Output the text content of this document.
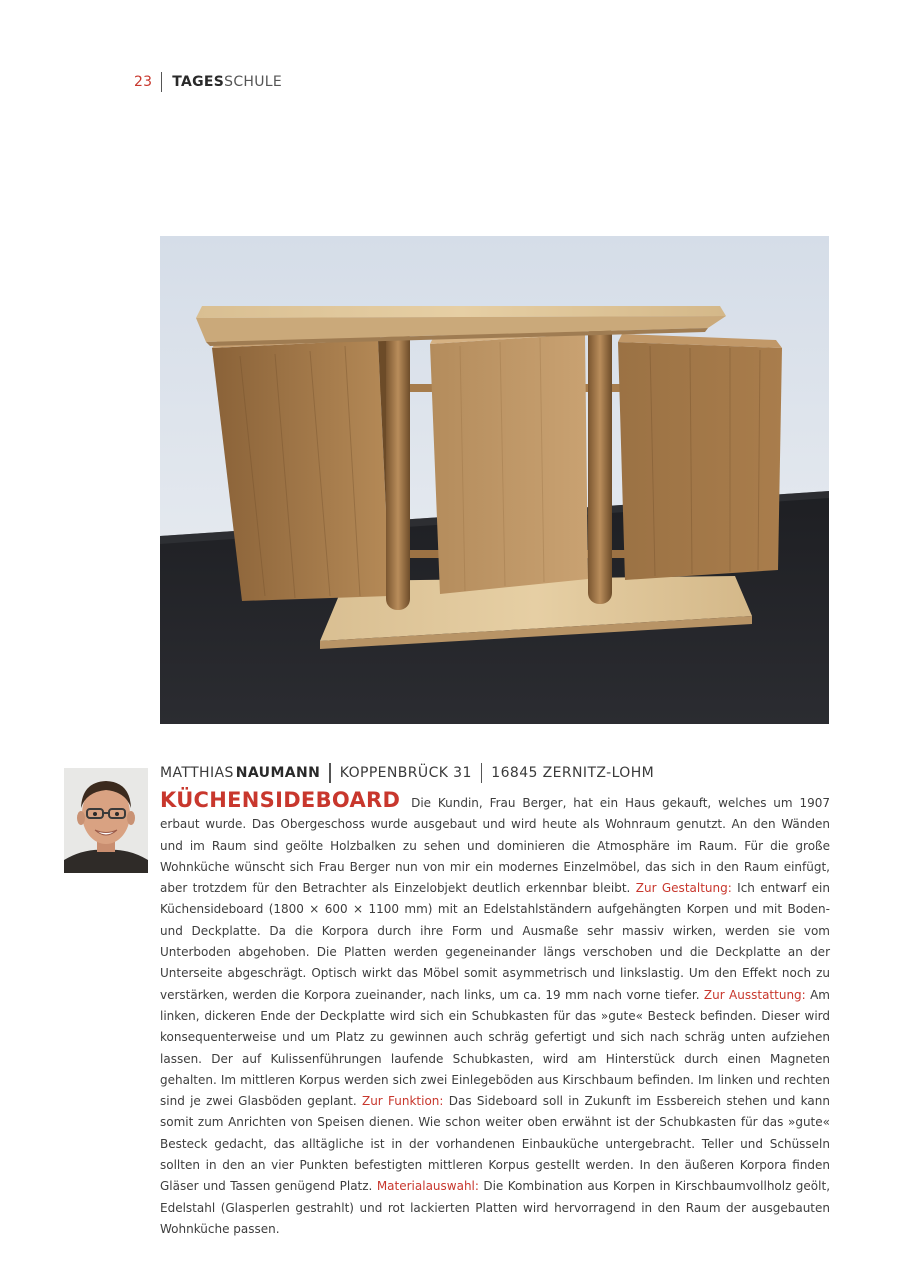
23 TAGES SCHULE
MATTHIAS NAUMANN KOPPENBRÜCK 31 16845 ZERNITZ-LOHM
KÜCHENSIDEBOARD Die Kundin, Frau Berger, hat ein Haus gekauft, welches um 1907 erbaut wurde. Das Obergeschoss wurde ausgebaut und wird heute als Wohnraum genutzt. An den Wänden und im Raum sind geölte Holzbalken zu sehen und dominieren die Atmosphäre im Raum. Für die große Wohnküche wünscht sich Frau Berger nun von mir ein modernes Einzelmöbel, das sich in den Raum einfügt, aber trotzdem für den Betrachter als Einzelobjekt deutlich erkennbar bleibt. Zur Gestaltung: Ich entwarf ein Küchensideboard (1800 × 600 × 1100 mm) mit an Edelstahlständern aufgehängten Korpen und mit Boden- und Deckplatte. Da die Korpora durch ihre Form und Ausmaße sehr massiv wirken, werden sie vom Unterboden abgehoben. Die Platten werden gegeneinander längs verschoben und die Deckplatte an der Unterseite abgeschrägt. Optisch wirkt das Möbel somit asymmetrisch und linkslastig. Um den Effekt noch zu verstärken, werden die Korpora zueinander, nach links, um ca. 19 mm nach vorne tiefer. Zur Ausstattung: Am linken, dickeren Ende der Deckplatte wird sich ein Schubkasten für das »gute« Besteck befinden. Dieser wird konsequenterweise und um Platz zu gewinnen auch schräg gefertigt und sich nach schräg unten aufziehen lassen. Der auf Kulissenführungen laufende Schubkasten, wird am Hinterstück durch einen Magneten gehalten. Im mittleren Korpus werden sich zwei Einlegeböden aus Kirschbaum befinden. Im linken und rechten sind je zwei Glasböden geplant. Zur Funktion: Das Sideboard soll in Zukunft im Essbereich stehen und kann somit zum Anrichten von Speisen dienen. Wie schon weiter oben erwähnt ist der Schubkasten für das »gute« Besteck gedacht, das alltägliche ist in der vorhandenen Einbauküche untergebracht. Teller und Schüsseln sollten in den an vier Punkten befestigten mittleren Korpus gestellt werden. In den äußeren Korpora finden Gläser und Tassen genügend Platz. Materialauswahl: Die Kombination aus Korpen in Kirschbaumvollholz geölt, Edelstahl (Glasperlen gestrahlt) und rot lackierten Platten wird hervorragend in den Raum der ausgebauten Wohnküche passen.
